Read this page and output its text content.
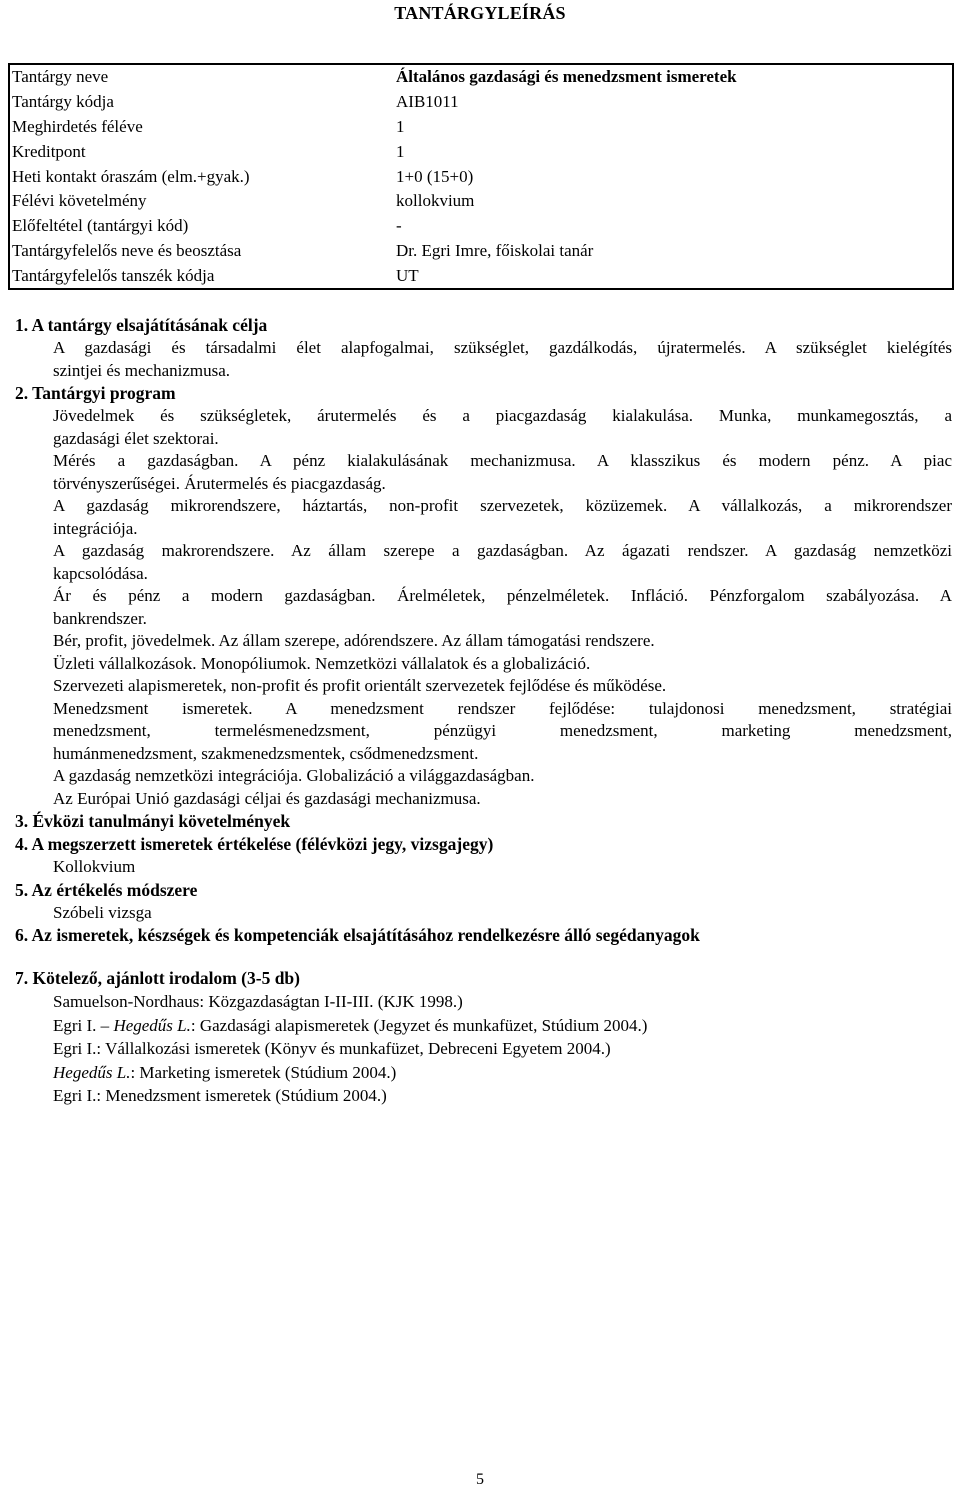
TANTÁRGYLEÍRÁS
Tantárgy neve	Általános gazdasági és menedzsment ismeretek
Tantárgy kódja	AIB1011
Meghirdetés féléve	1
Kreditpont	1
Heti kontakt óraszám (elm.+gyak.)	1+0 (15+0)
Félévi követelmény	kollokvium
Előfeltétel (tantárgyi kód)	-
Tantárgyfelelős neve és beosztása	Dr. Egri Imre, főiskolai tanár
Tantárgyfelelős tanszék kódja	UT
1. A tantárgy elsajátításának célja
A gazdasági és társadalmi élet alapfogalmai, szükséglet, gazdálkodás, újratermelés. A szükséglet kielégítés
szintjei és mechanizmusa.
2. Tantárgyi program
Jövedelmek és szükségletek, árutermelés és a piacgazdaság kialakulása. Munka, munkamegosztás, a
gazdasági élet szektorai.
Mérés a gazdaságban. A pénz kialakulásának mechanizmusa. A klasszikus és modern pénz. A piac
törvényszerűségei. Árutermelés és piacgazdaság.
A gazdaság mikrorendszere, háztartás, non-profit szervezetek, közüzemek. A vállalkozás, a mikrorendszer
integrációja.
A gazdaság makrorendszere. Az állam szerepe a gazdaságban. Az ágazati rendszer. A gazdaság nemzetközi
kapcsolódása.
Ár és pénz a modern gazdaságban. Árelméletek, pénzelméletek. Infláció. Pénzforgalom szabályozása. A
bankrendszer.
Bér, profit, jövedelmek. Az állam szerepe, adórendszere. Az állam támogatási rendszere.
Üzleti vállalkozások. Monopóliumok. Nemzetközi vállalatok és a globalizáció.
Szervezeti alapismeretek, non-profit és profit orientált szervezetek fejlődése és működése.
Menedzsment ismeretek. A menedzsment rendszer fejlődése: tulajdonosi menedzsment, stratégiai
menedzsment, termelésmenedzsment, pénzügyi menedzsment, marketing menedzsment,
humánmenedzsment, szakmenedzsmentek, csődmenedzsment.
A gazdaság nemzetközi integrációja. Globalizáció a világgazdaságban.
Az Európai Unió gazdasági céljai és gazdasági mechanizmusa.
3. Évközi tanulmányi követelmények
4. A megszerzett ismeretek értékelése (félévközi jegy, vizsgajegy)
Kollokvium
5. Az értékelés módszere
Szóbeli vizsga
6. Az ismeretek, készségek és kompetenciák elsajátításához rendelkezésre álló segédanyagok
7. Kötelező, ajánlott irodalom (3-5 db)
Samuelson-Nordhaus: Közgazdaságtan I-II-III. (KJK 1998.)
Egri I. – Hegedűs L.: Gazdasági alapismeretek (Jegyzet és munkafüzet, Stúdium 2004.)
Egri I.: Vállalkozási ismeretek (Könyv és munkafüzet, Debreceni Egyetem 2004.)
Hegedűs L.: Marketing ismeretek (Stúdium 2004.)
Egri I.: Menedzsment ismeretek (Stúdium 2004.)
5
